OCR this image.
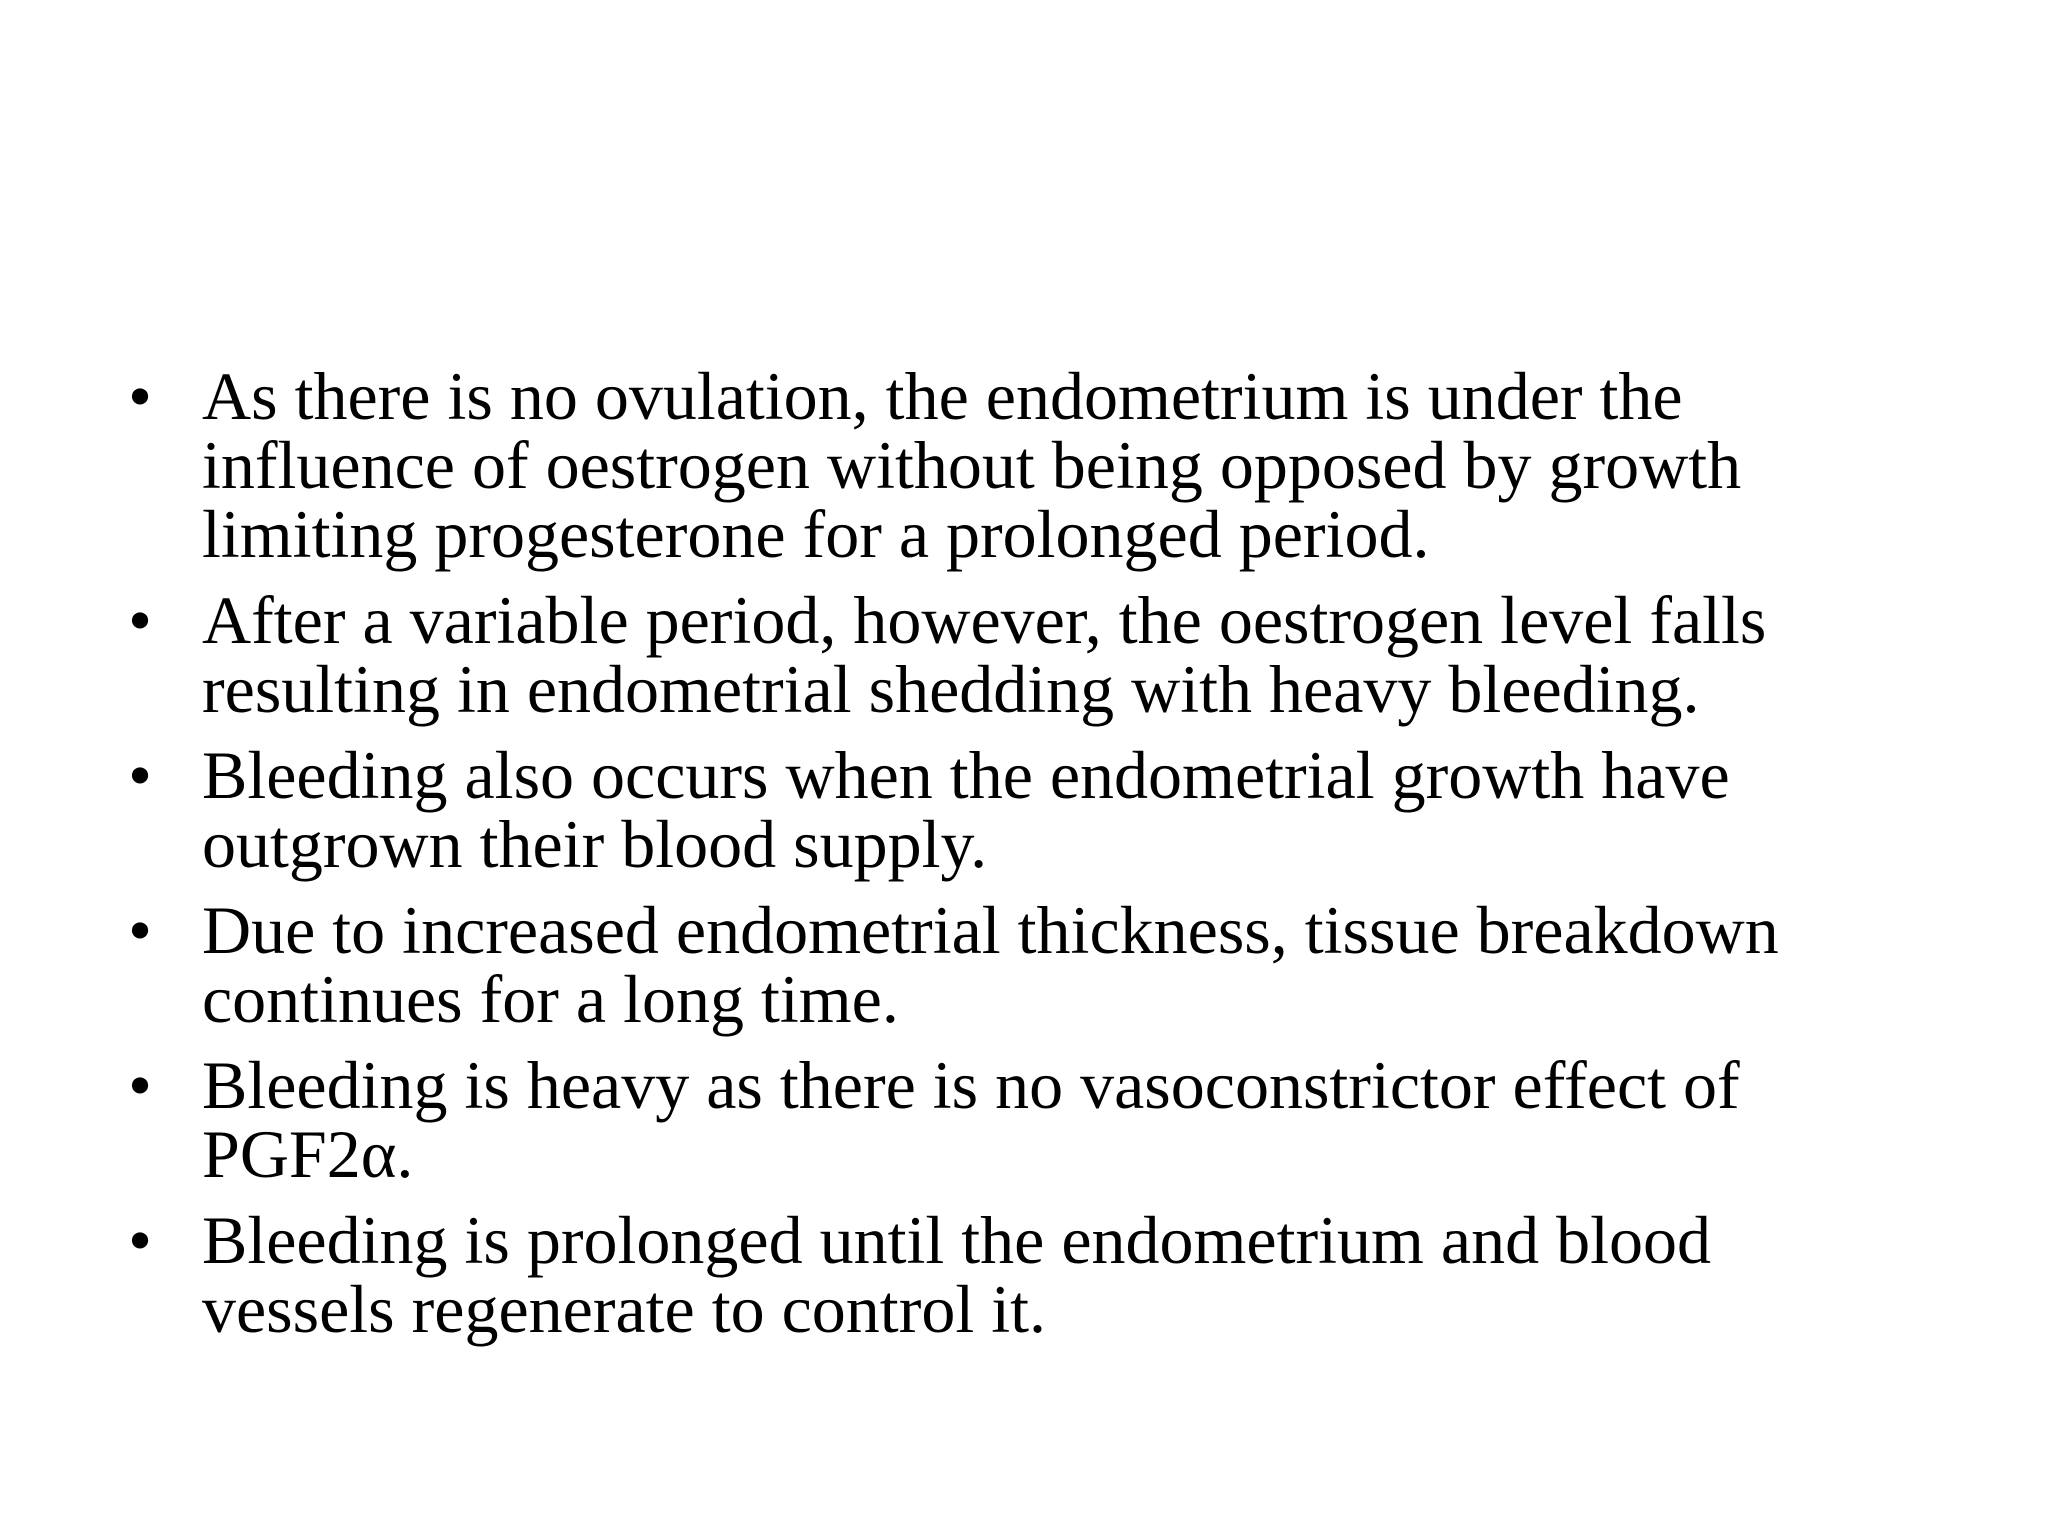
• As there is no ovulation, the endometrium is under the influence of oestrogen without being opposed by growth limiting progesterone for a prolonged period.
• After a variable period, however, the oestrogen level falls resulting in endometrial shedding with heavy bleeding.
• Bleeding also occurs when the endometrial growth have outgrown their blood supply.
• Due to increased endometrial thickness, tissue breakdown continues for a long time.
• Bleeding is heavy as there is no vasoconstrictor effect of PGF2α.
• Bleeding is prolonged until the endometrium and blood vessels regenerate to control it.
